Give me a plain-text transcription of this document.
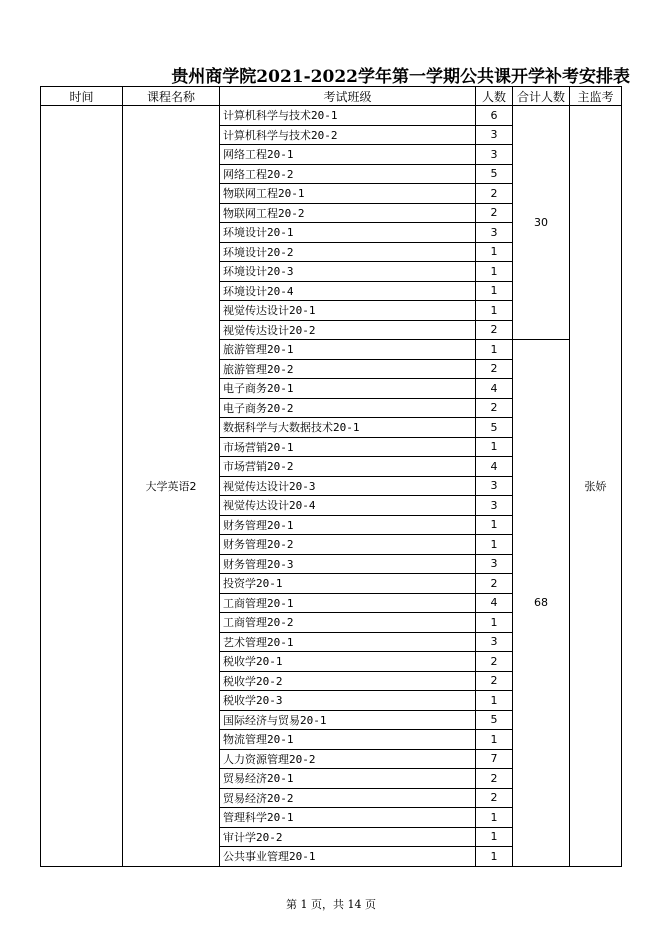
贵州商学院2021-2022学年第一学期公共课开学补考安排表
时间	课程名称	考试班级	人数	合计人数	主监考
	大学英语2	计算机科学与技术20-1	6	30	张娇
		计算机科学与技术20-2	3		
		网络工程20-1	3		
		网络工程20-2	5		
		物联网工程20-1	2		
		物联网工程20-2	2		
		环境设计20-1	3		
		环境设计20-2	1		
		环境设计20-3	1		
		环境设计20-4	1		
		视觉传达设计20-1	1		
		视觉传达设计20-2	2		
		旅游管理20-1	1	68	
		旅游管理20-2	2		
		电子商务20-1	4		
		电子商务20-2	2		
		数据科学与大数据技术20-1	5		
		市场营销20-1	1		
		市场营销20-2	4		
		视觉传达设计20-3	3		
		视觉传达设计20-4	3		
		财务管理20-1	1		
		财务管理20-2	1		
		财务管理20-3	3		
		投资学20-1	2		
		工商管理20-1	4		
		工商管理20-2	1		
		艺术管理20-1	3		
		税收学20-1	2		
		税收学20-2	2		
		税收学20-3	1		
		国际经济与贸易20-1	5		
		物流管理20-1	1		
		人力资源管理20-2	7		
		贸易经济20-1	2		
		贸易经济20-2	2		
		管理科学20-1	1		
		审计学20-2	1		
		公共事业管理20-1	1		
第 1 页，共 14 页
